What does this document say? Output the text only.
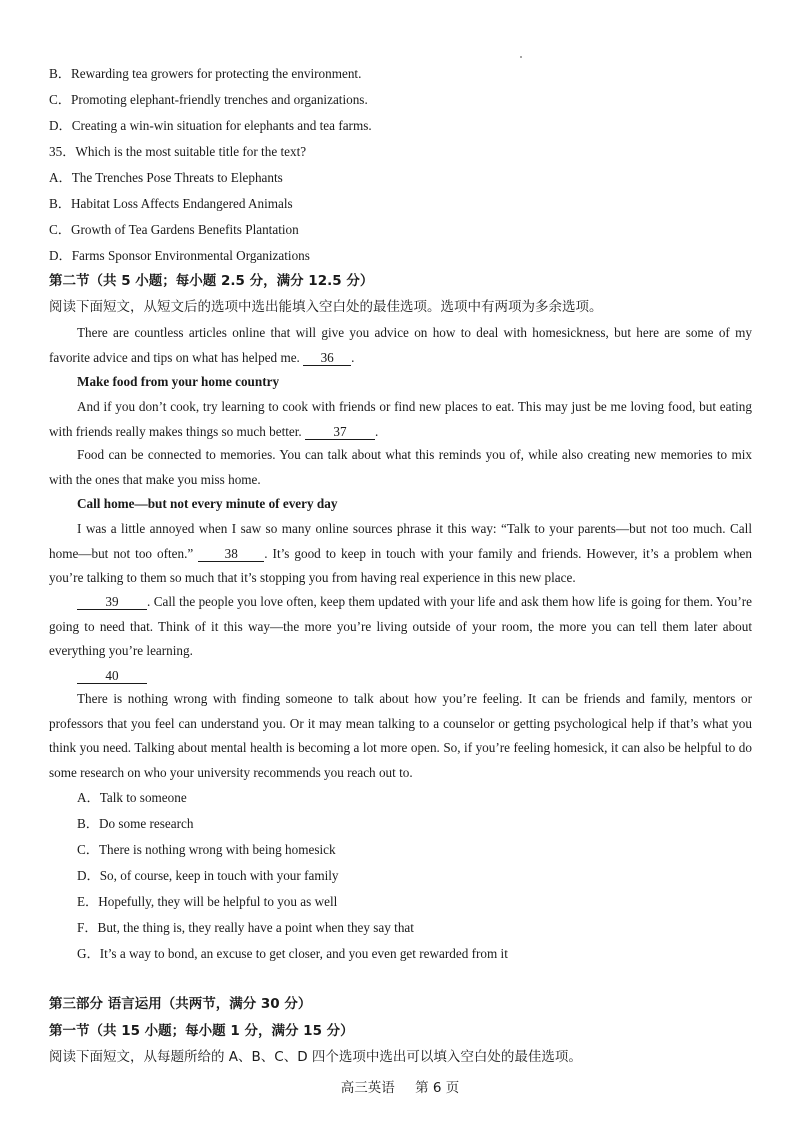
B．Rewarding tea growers for protecting the environment.
C．Promoting elephant-friendly trenches and organizations.
D．Creating a win-win situation for elephants and tea farms.
35．Which is the most suitable title for the text?
A．The Trenches Pose Threats to Elephants
B．Habitat Loss Affects Endangered Animals
C．Growth of Tea Gardens Benefits Plantation
D．Farms Sponsor Environmental Organizations
第二节（共 5 小题；每小题 2.5 分，满分 12.5 分）
阅读下面短文，从短文后的选项中选出能填入空白处的最佳选项。选项中有两项为多余选项。
There are countless articles online that will give you advice on how to deal with homesickness, but here are some of my favorite advice and tips on what has helped me. 36 .
Make food from your home country
And if you don’t cook, try learning to cook with friends or find new places to eat. This may just be me loving food, but eating with friends really makes things so much better. 37 .
Food can be connected to memories. You can talk about what this reminds you of, while also creating new memories to mix with the ones that make you miss home.
Call home—but not every minute of every day
I was a little annoyed when I saw so many online sources phrase it this way: “Talk to your parents—but not too much. Call home—but not too often.” 38 . It’s good to keep in touch with your family and friends. However, it’s a problem when you’re talking to them so much that it’s stopping you from having real experience in this new place.
39 . Call the people you love often, keep them updated with your life and ask them how life is going for them. You’re going to need that. Think of it this way—the more you’re living outside of your room, the more you can tell them later about everything you’re learning.
40
There is nothing wrong with finding someone to talk about how you’re feeling. It can be friends and family, mentors or professors that you feel can understand you. Or it may mean talking to a counselor or getting psychological help if that’s what you think you need. Talking about mental health is becoming a lot more open. So, if you’re feeling homesick, it can also be helpful to do some research on who your university recommends you reach out to.
A．Talk to someone
B．Do some research
C．There is nothing wrong with being homesick
D．So, of course, keep in touch with your family
E．Hopefully, they will be helpful to you as well
F．But, the thing is, they really have a point when they say that
G．It’s a way to bond, an excuse to get closer, and you even get rewarded from it
第三部分 语言运用（共两节，满分 30 分）
第一节（共 15 小题；每小题 1 分，满分 15 分）
阅读下面短文，从每题所给的 A、B、C、D 四个选项中选出可以填入空白处的最佳选项。
高三英语 第 6 页
